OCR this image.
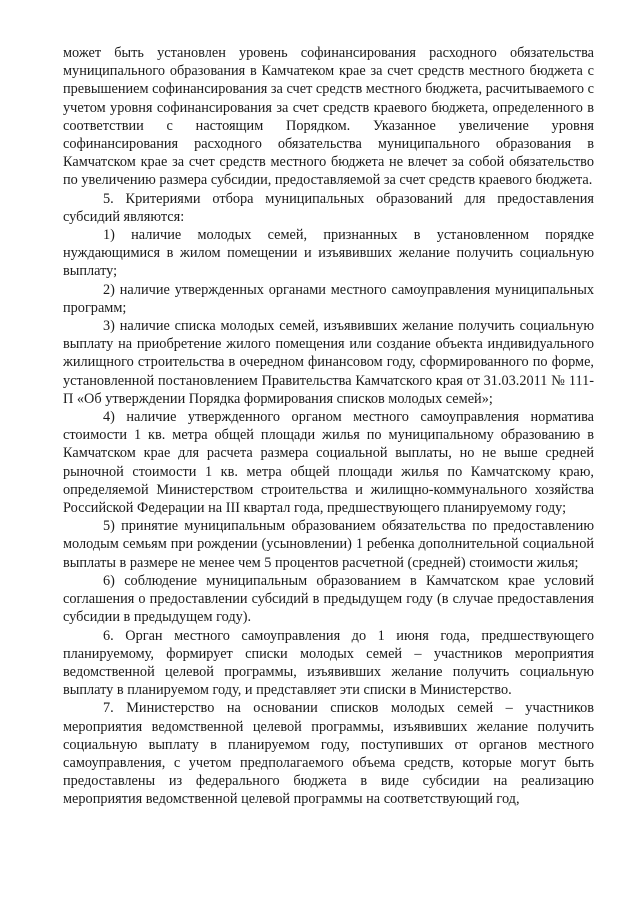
может быть установлен уровень софинансирования расходного обязательства муниципального образования в Камчатеком крае за счет средств местного бюджета с превышением софинансирования за счет средств местного бюджета, расчитываемого с учетом уровня софинансирования за счет средств краевого бюджета, определенного в соответствии с настоящим Порядком. Указанное увеличение уровня софинансирования расходного обязательства муниципального образования в Камчатском крае за счет средств местного бюджета не влечет за собой обязательство по увеличению размера субсидии, предоставляемой за счет средств краевого бюджета.

5. Критериями отбора муниципальных образований для предоставления субсидий являются:

1) наличие молодых семей, признанных в установленном порядке нуждающимися в жилом помещении и изъявивших желание получить социальную выплату;

2) наличие утвержденных органами местного самоуправления муниципальных программ;

3) наличие списка молодых семей, изъявивших желание получить социальную выплату на приобретение жилого помещения или создание объекта индивидуального жилищного строительства в очередном финансовом году, сформированного по форме, установленной постановлением Правительства Камчатского края от 31.03.2011 № 111-П «Об утверждении Порядка формирования списков молодых семей»;

4) наличие утвержденного органом местного самоуправления норматива стоимости 1 кв. метра общей площади жилья по муниципальному образованию в Камчатском крае для расчета размера социальной выплаты, но не выше средней рыночной стоимости 1 кв. метра общей площади жилья по Камчатскому краю, определяемой Министерством строительства и жилищно-коммунального хозяйства Российской Федерации на III квартал года, предшествующего планируемому году;

5) принятие муниципальным образованием обязательства по предоставлению молодым семьям при рождении (усыновлении) 1 ребенка дополнительной социальной выплаты в размере не менее чем 5 процентов расчетной (средней) стоимости жилья;

6) соблюдение муниципальным образованием в Камчатском крае условий соглашения о предоставлении субсидий в предыдущем году (в случае предоставления субсидии в предыдущем году).

6. Орган местного самоуправления до 1 июня года, предшествующего планируемому, формирует списки молодых семей – участников мероприятия ведомственной целевой программы, изъявивших желание получить социальную выплату в планируемом году, и представляет эти списки в Министерство.

7. Министерство на основании списков молодых семей – участников мероприятия ведомственной целевой программы, изъявивших желание получить социальную выплату в планируемом году, поступивших от органов местного самоуправления, с учетом предполагаемого объема средств, которые могут быть предоставлены из федерального бюджета в виде субсидии на реализацию мероприятия ведомственной целевой программы на соответствующий год,
